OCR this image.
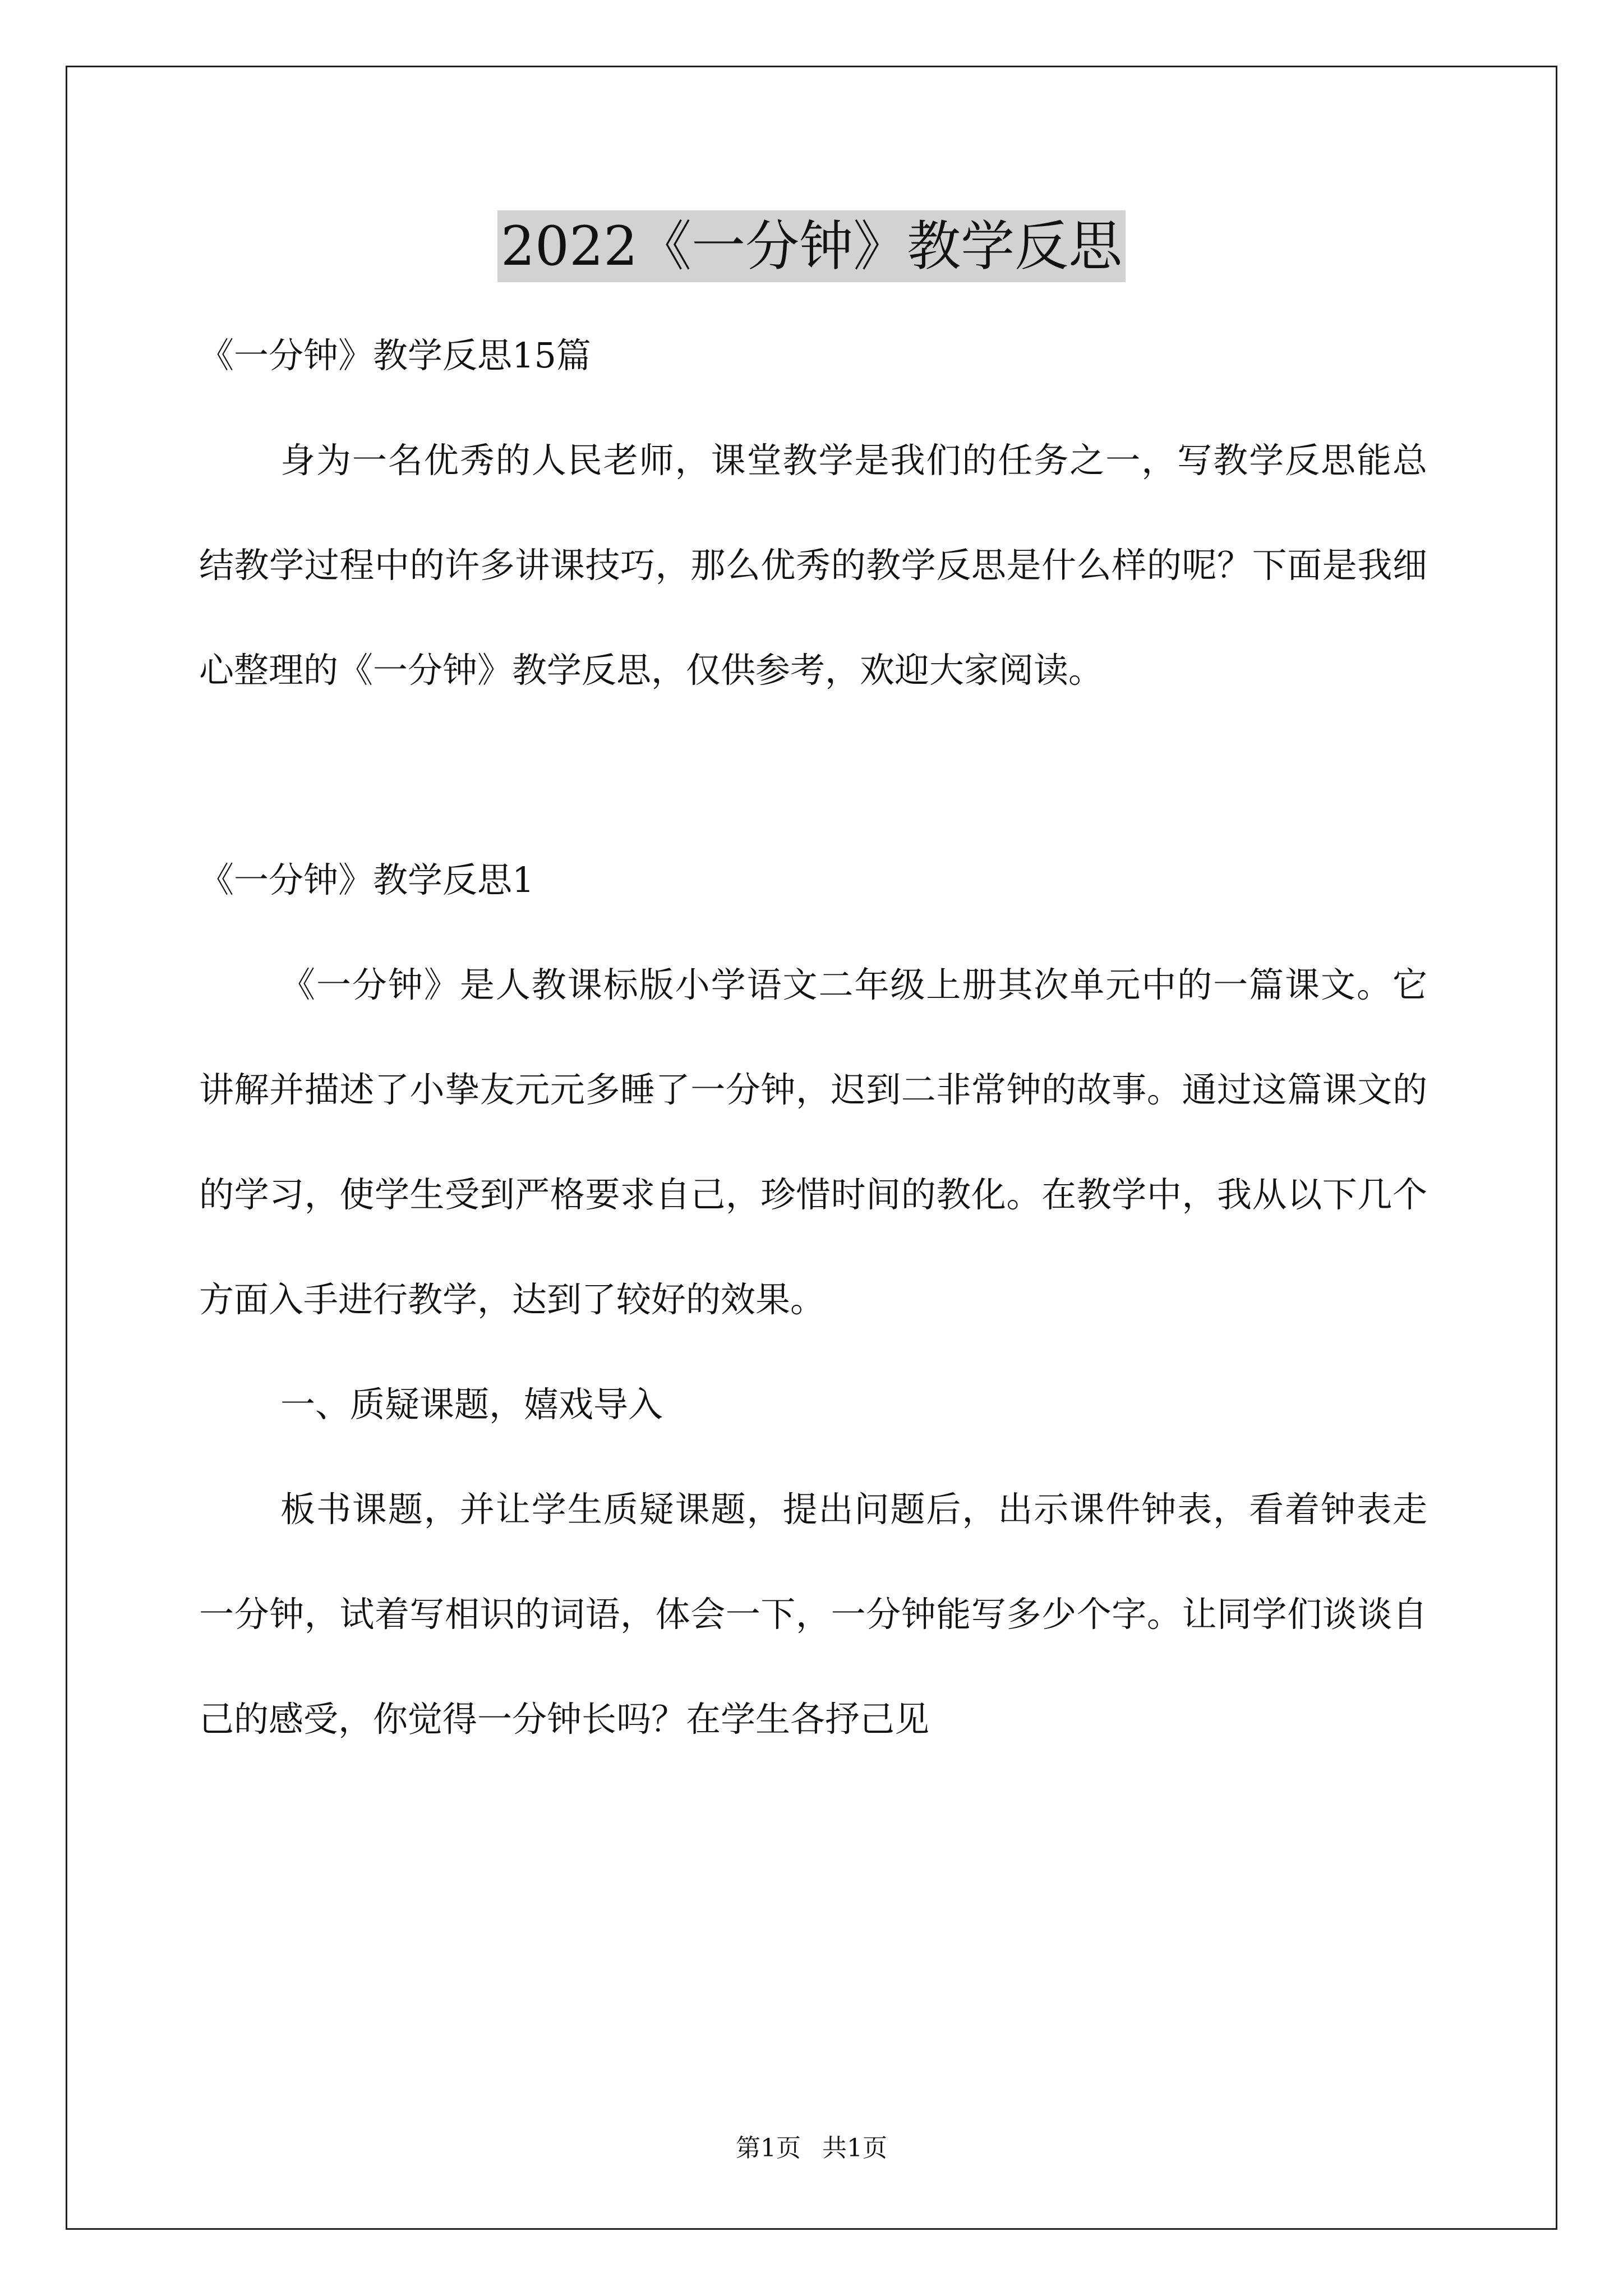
2022《一分钟》教学反思

《一分钟》教学反思15篇

身为一名优秀的人民老师，课堂教学是我们的任务之一，写教学反思能总结教学过程中的许多讲课技巧，那么优秀的教学反思是什么样的呢？下面是我细心整理的《一分钟》教学反思，仅供参考，欢迎大家阅读。

《一分钟》教学反思1

《一分钟》是人教课标版小学语文二年级上册其次单元中的一篇课文。它讲解并描述了小挚友元元多睡了一分钟，迟到二非常钟的故事。通过这篇课文的的学习，使学生受到严格要求自己，珍惜时间的教化。在教学中，我从以下几个方面入手进行教学，达到了较好的效果。

一、质疑课题，嬉戏导入

板书课题，并让学生质疑课题，提出问题后，出示课件钟表，看着钟表走一分钟，试着写相识的词语，体会一下，一分钟能写多少个字。让同学们谈谈自己的感受，你觉得一分钟长吗？在学生各抒己见

第1页 共1页
